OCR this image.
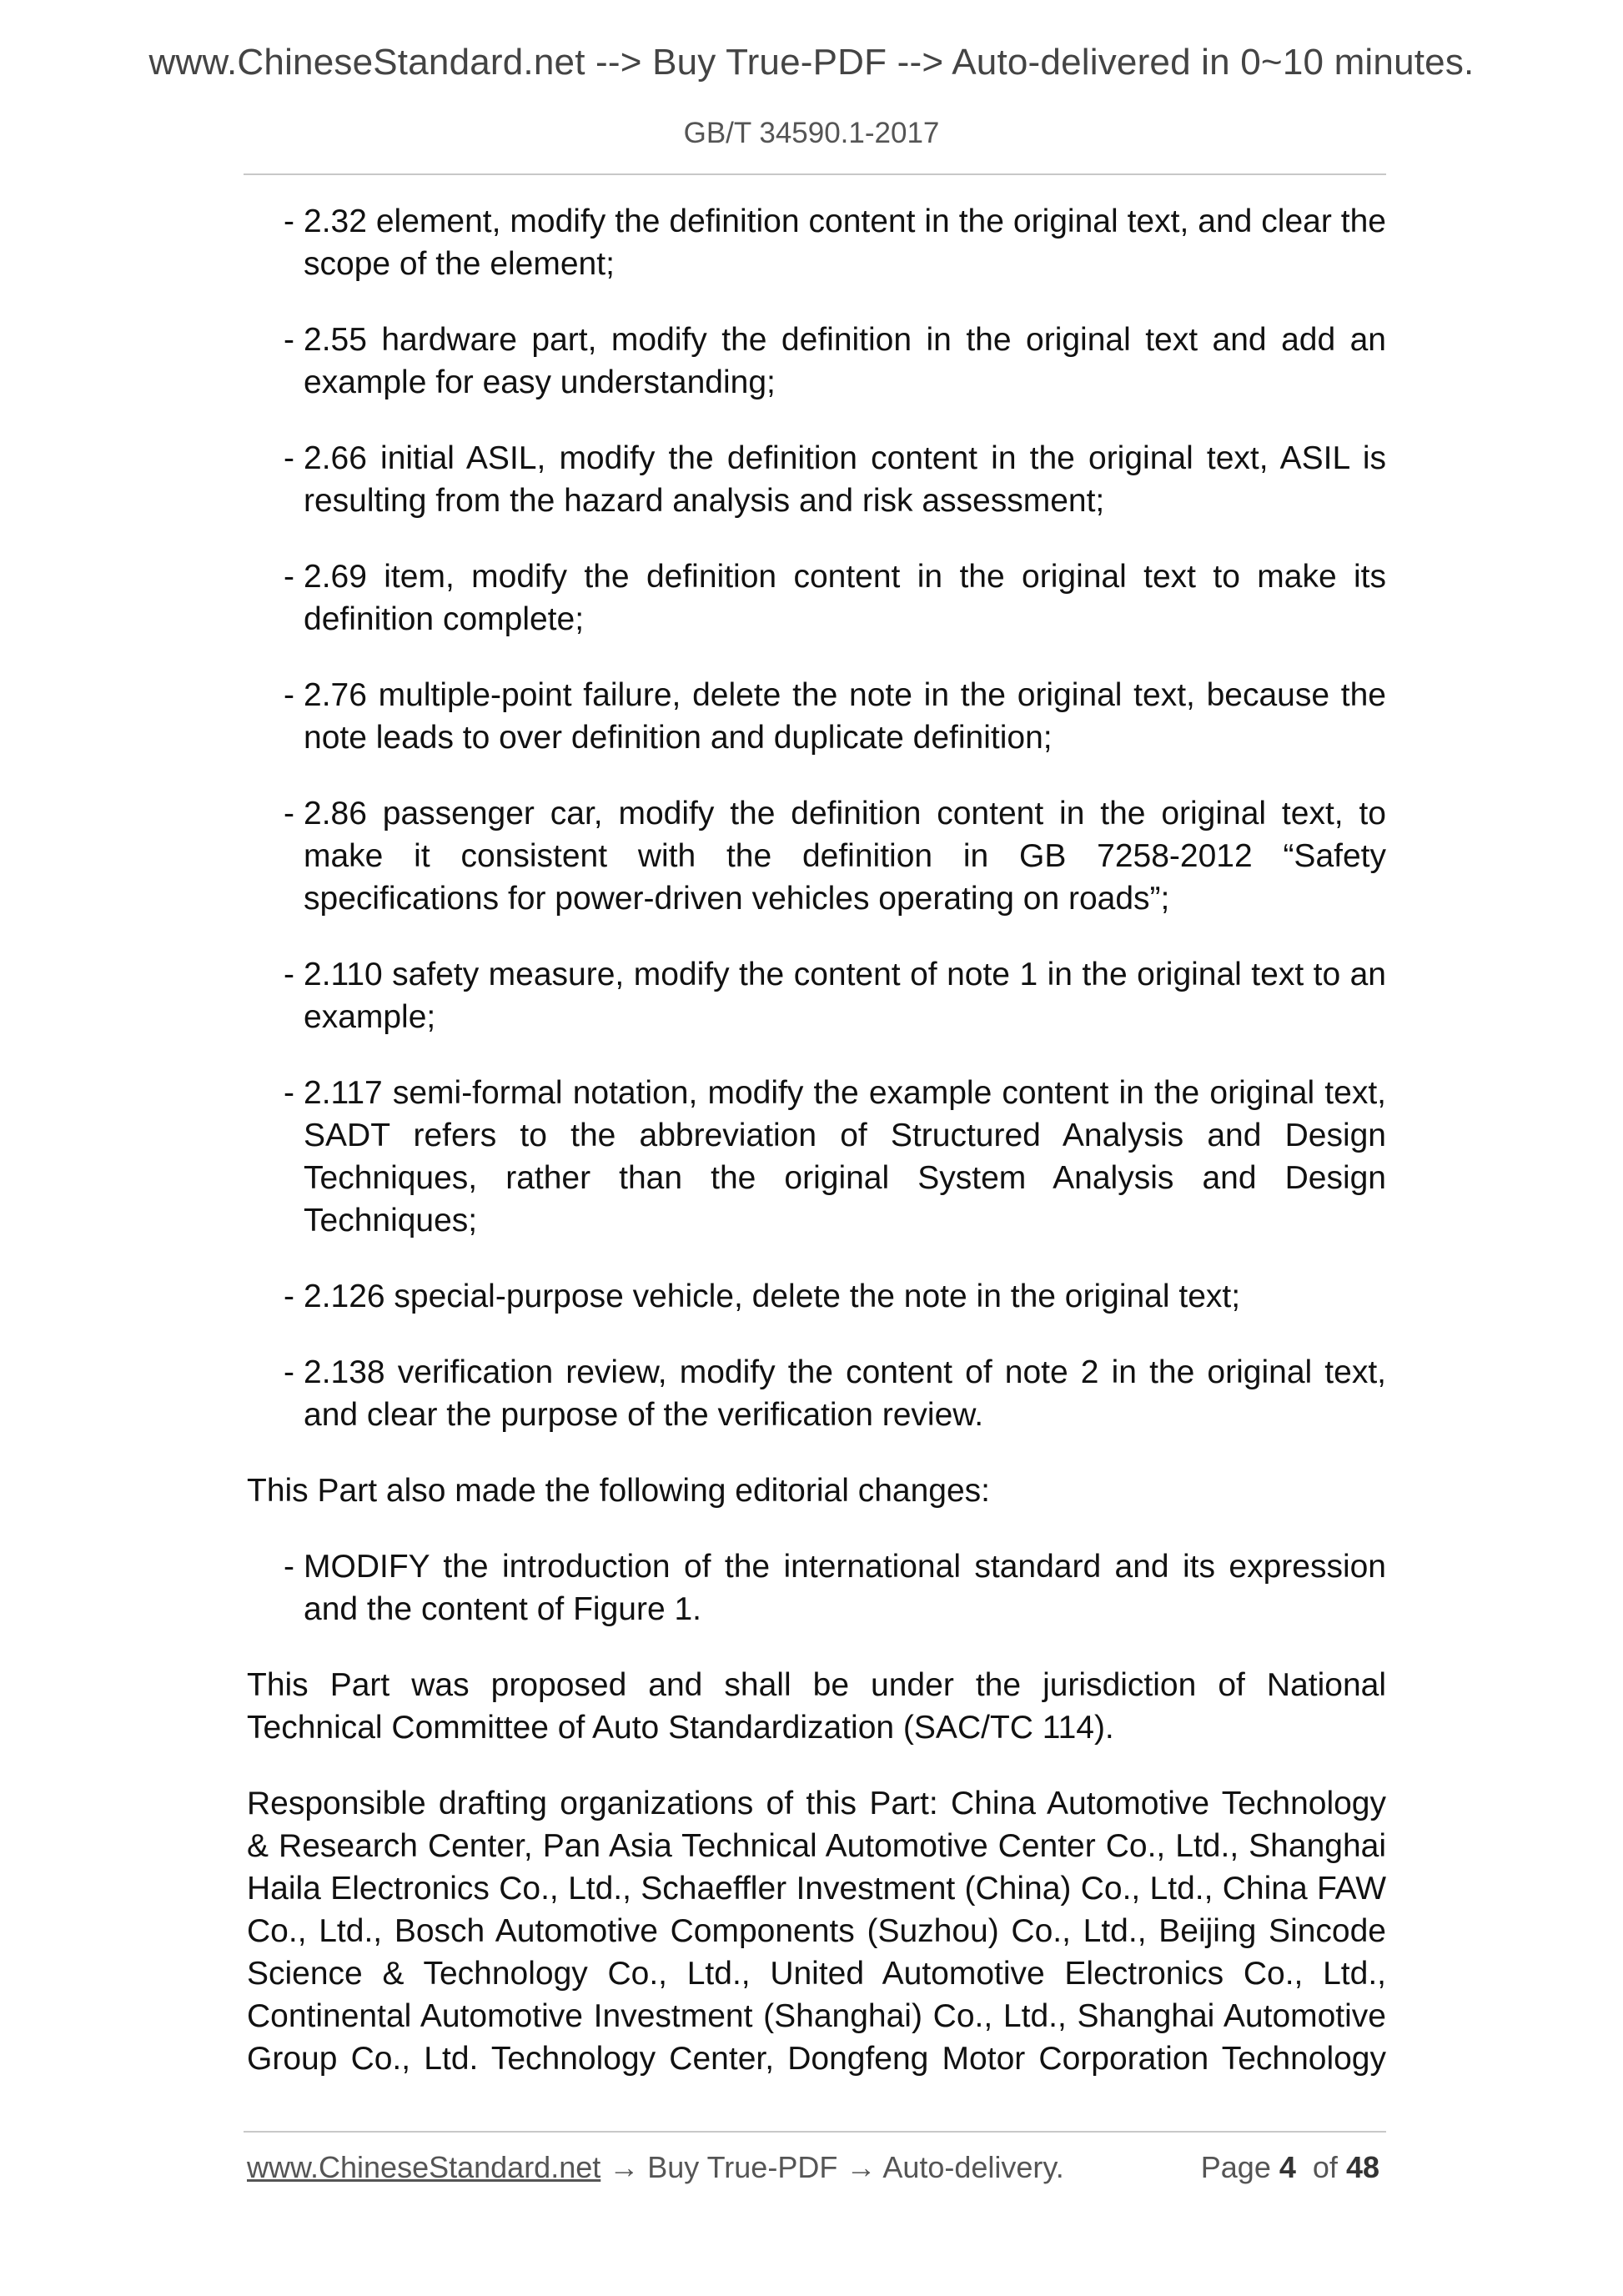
www.ChineseStandard.net --> Buy True-PDF --> Auto-delivered in 0~10 minutes.
GB/T 34590.1-2017
- 2.32 element, modify the definition content in the original text, and clear the scope of the element;
- 2.55 hardware part, modify the definition in the original text and add an example for easy understanding;
- 2.66 initial ASIL, modify the definition content in the original text, ASIL is resulting from the hazard analysis and risk assessment;
- 2.69 item, modify the definition content in the original text to make its definition complete;
- 2.76 multiple-point failure, delete the note in the original text, because the note leads to over definition and duplicate definition;
- 2.86 passenger car, modify the definition content in the original text, to make it consistent with the definition in GB 7258-2012 “Safety specifications for power-driven vehicles operating on roads”;
- 2.110 safety measure, modify the content of note 1 in the original text to an example;
- 2.117 semi-formal notation, modify the example content in the original text, SADT refers to the abbreviation of Structured Analysis and Design Techniques, rather than the original System Analysis and Design Techniques;
- 2.126 special-purpose vehicle, delete the note in the original text;
- 2.138 verification review, modify the content of note 2 in the original text, and clear the purpose of the verification review.

This Part also made the following editorial changes:

- MODIFY the introduction of the international standard and its expression and the content of Figure 1.

This Part was proposed and shall be under the jurisdiction of National Technical Committee of Auto Standardization (SAC/TC 114).

Responsible drafting organizations of this Part: China Automotive Technology & Research Center, Pan Asia Technical Automotive Center Co., Ltd., Shanghai Haila Electronics Co., Ltd., Schaeffler Investment (China) Co., Ltd., China FAW Co., Ltd., Bosch Automotive Components (Suzhou) Co., Ltd., Beijing Sincode Science & Technology Co., Ltd., United Automotive Electronics Co., Ltd., Continental Automotive Investment (Shanghai) Co., Ltd., Shanghai Automotive Group Co., Ltd. Technology Center, Dongfeng Motor Corporation Technology

www.ChineseStandard.net → Buy True-PDF → Auto-delivery.	Page 4 of 48
